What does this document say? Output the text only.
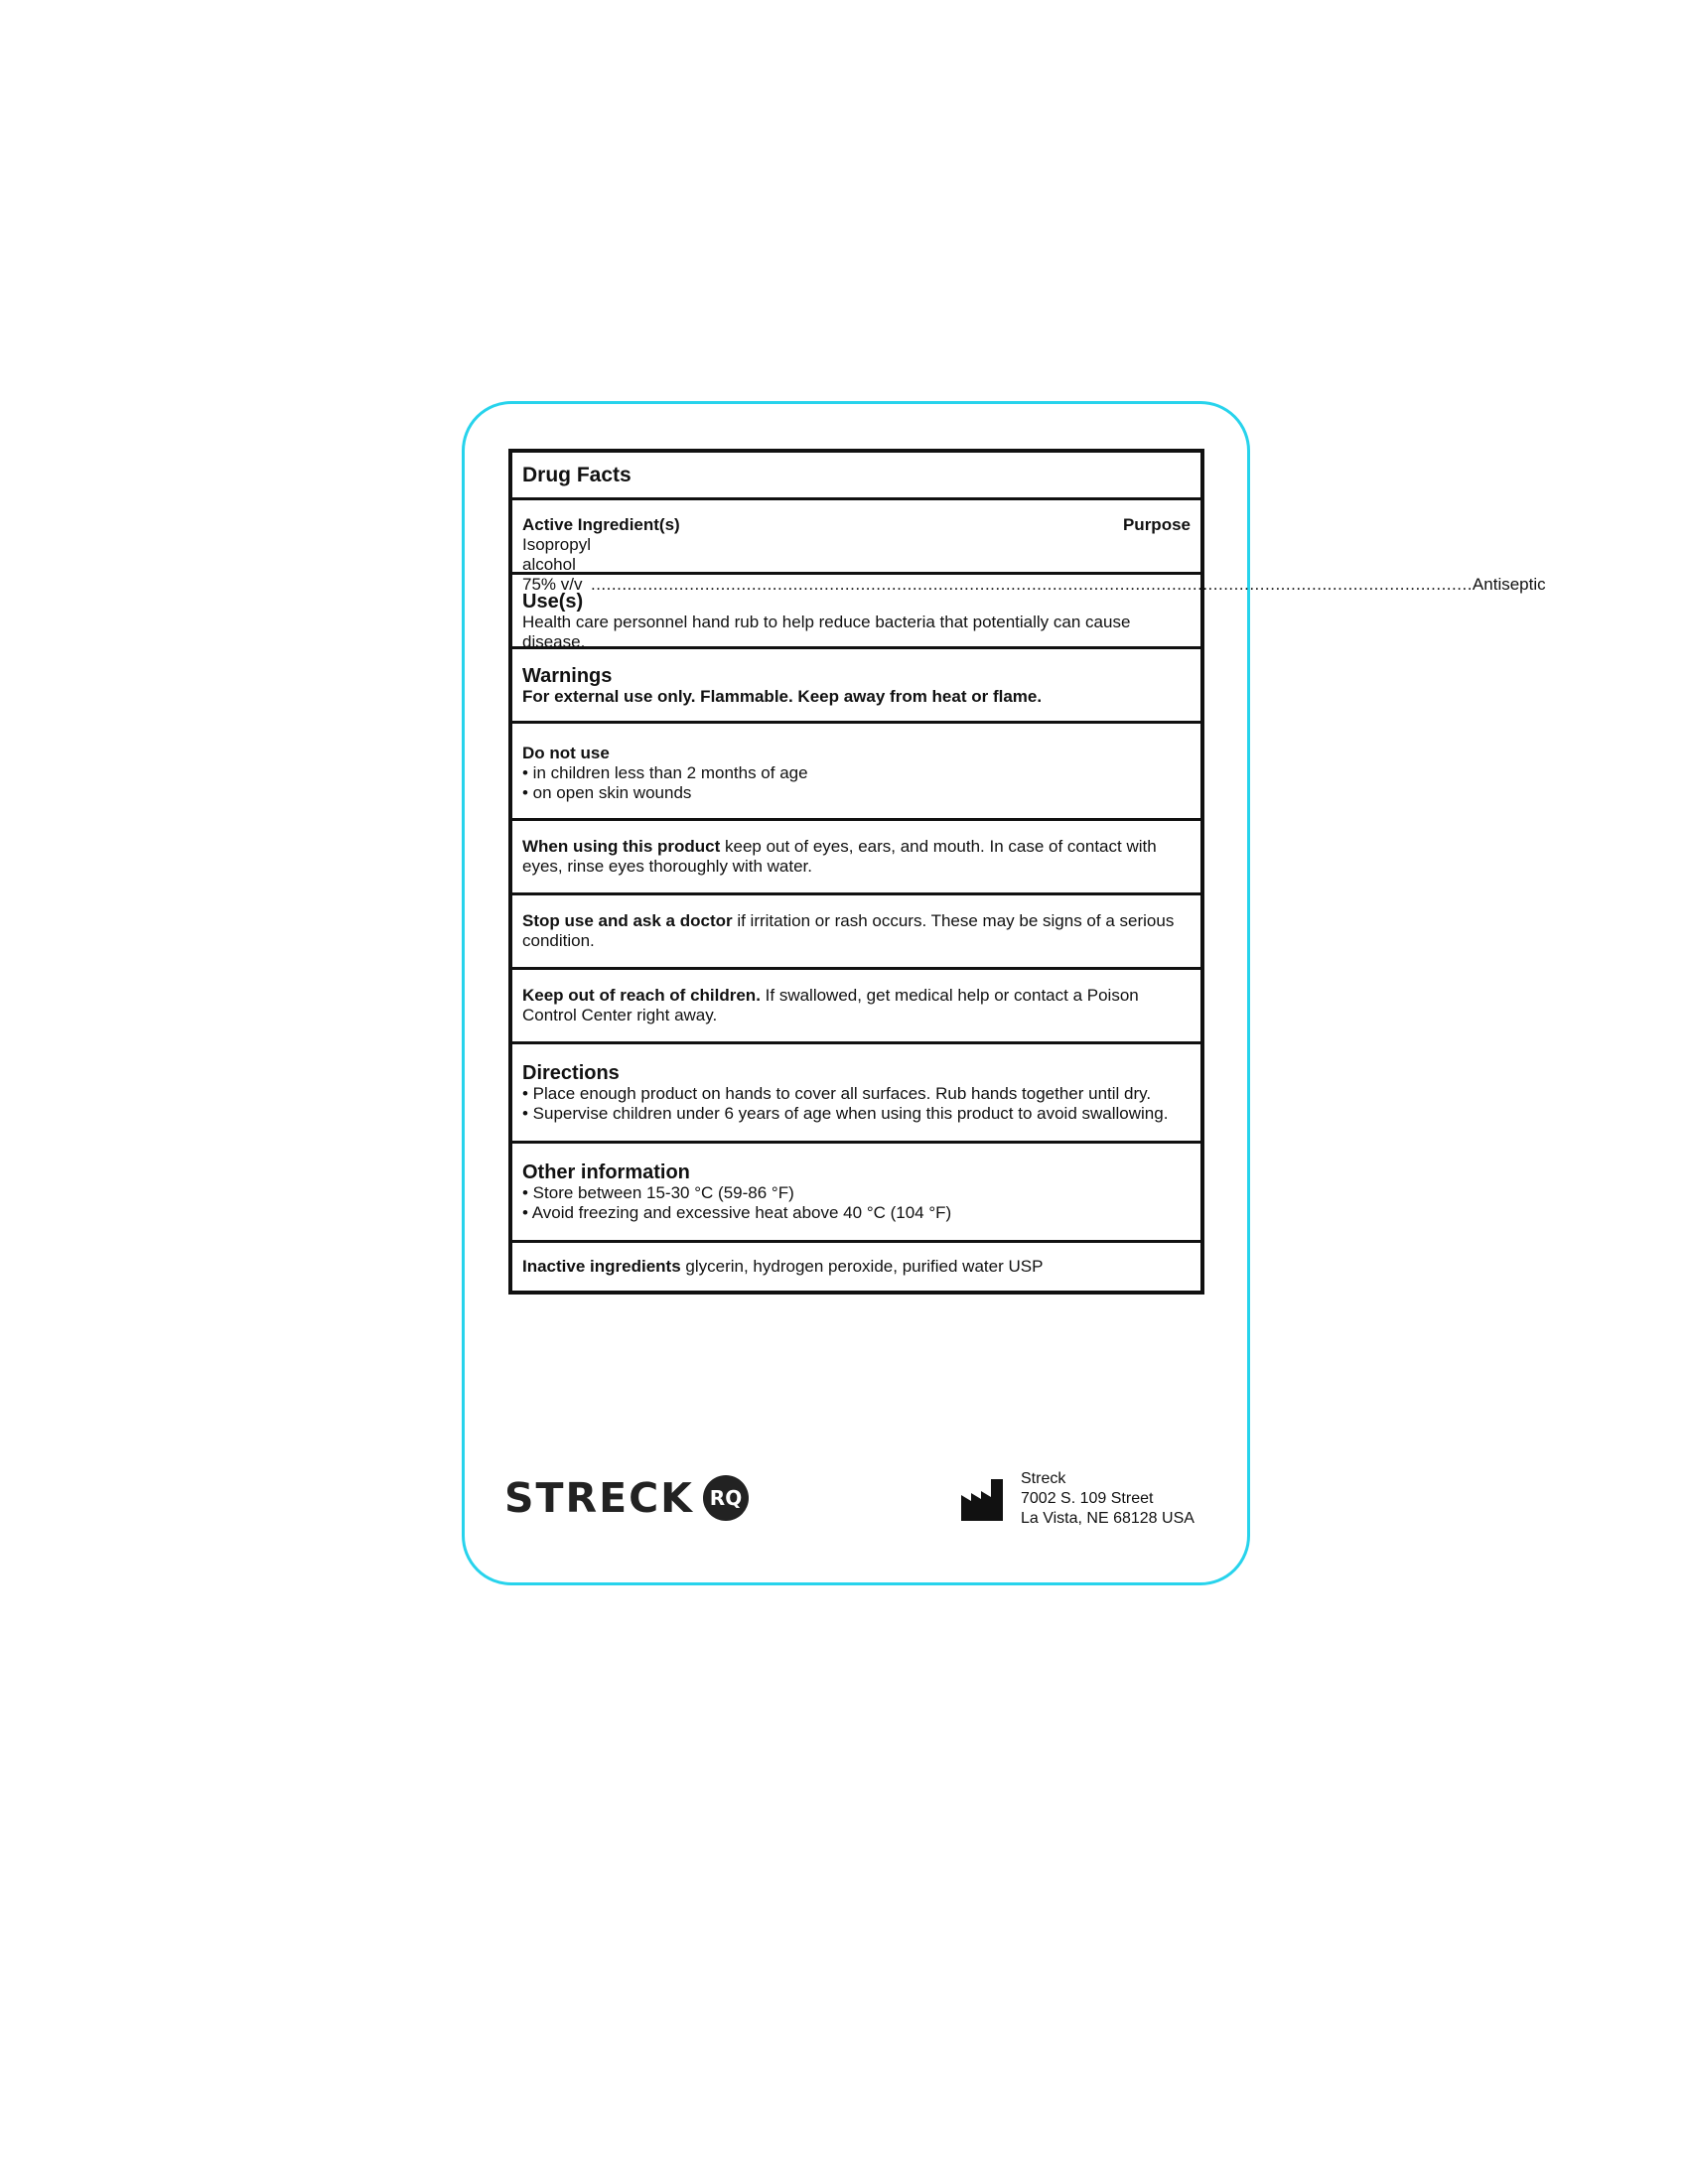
Drug Facts
Active Ingredient(s)	Purpose
Isopropyl alcohol 75% v/v .......................................................................................................................................................................... Antiseptic
Use(s)
Health care personnel hand rub to help reduce bacteria that potentially can cause disease.
Warnings
For external use only. Flammable. Keep away from heat or flame.
Do not use
• in children less than 2 months of age
• on open skin wounds
When using this product keep out of eyes, ears, and mouth. In case of contact with eyes, rinse eyes thoroughly with water.
Stop use and ask a doctor if irritation or rash occurs. These may be signs of a serious condition.
Keep out of reach of children. If swallowed, get medical help or contact a Poison Control Center right away.
Directions
• Place enough product on hands to cover all surfaces. Rub hands together until dry.
• Supervise children under 6 years of age when using this product to avoid swallowing.
Other information
• Store between 15-30 °C (59-86 °F)
• Avoid freezing and excessive heat above 40 °C (104 °F)
Inactive ingredients glycerin, hydrogen peroxide, purified water USP
STRECK RQ
Streck
7002 S. 109 Street
La Vista, NE 68128 USA
